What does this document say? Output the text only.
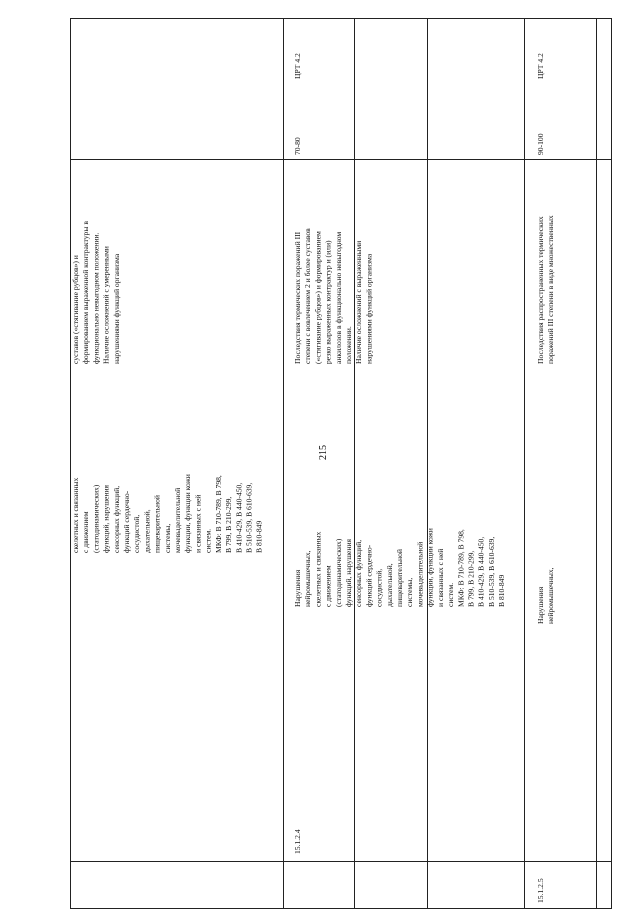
215
скелетных и связанных
с движением
(статодинамических)
функций, нарушения
сенсорных функций,
функций сердечно-
сосудистой,
дыхательной,
пищеварительной
системы,
мочевыделительной
функции, функции кожи
и связанных с ней
систем.
МКФ: В 710-789, В 798,
В 799, В 210-299,
В 410-429, В 440-450,
В 510-539, В 610-639,
В 810-849
суставов («стягивание рубцов») и
формированием выраженной контрактуры в
функционально невыгодном положении.
Наличие осложнений с умеренными
нарушениями функций организма
15.1.2.4
Нарушения
нейромышечных,
скелетных и связанных
с движением
(статодинамических)
функций, нарушения
сенсорных функций,
функций сердечно-
сосудистой,
дыхательной,
пищеварительной
системы,
мочевыделительной
функции, функции кожи
и связанных с ней
систем.
МКФ: В 710-789, В 798,
В 799, В 210-299,
В 410-429, В 440-450,
В 510-539, В 610-639,
В 810-849
Последствия термических поражений III
степени с вовлечением 2 и более суставов
(«стягивание рубцов») и формированием
резко выраженных контрактур и (или)
анкилозов в функционально невыгодном
положении.
Наличие осложнений с выраженными
нарушениями функций организма
70-80
ЦРТ 4.2
15.1.2.5
Нарушения
нейромышечных,
Последствия распространенных термических
поражений III степени в виде множественных
90-100
ЦРТ 4.2
